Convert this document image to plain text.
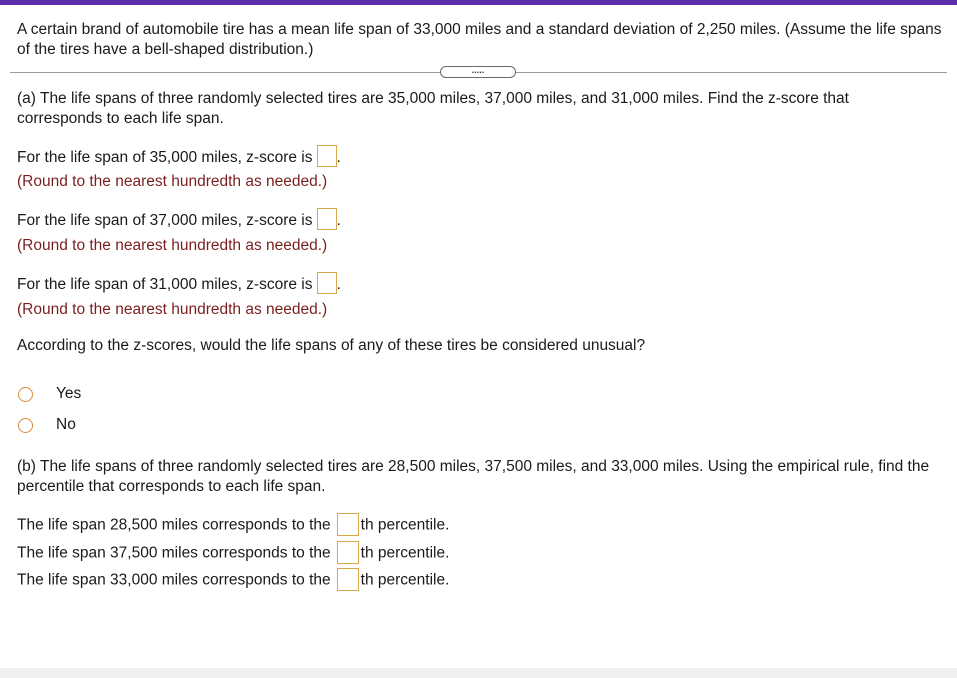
A certain brand of automobile tire has a mean life span of 33,000 miles and a standard deviation of 2,250 miles. (Assume the life spans of the tires have a bell-shaped distribution.)
.....
(a) The life spans of three randomly selected tires are 35,000 miles, 37,000 miles, and 31,000 miles. Find the z-score that corresponds to each life span.
For the life span of 35,000 miles, z-score is .
(Round to the nearest hundredth as needed.)
For the life span of 37,000 miles, z-score is .
(Round to the nearest hundredth as needed.)
For the life span of 31,000 miles, z-score is .
(Round to the nearest hundredth as needed.)
According to the z-scores, would the life spans of any of these tires be considered unusual?
Yes
No
(b) The life spans of three randomly selected tires are 28,500 miles, 37,500 miles, and 33,000 miles. Using the empirical rule, find the percentile that corresponds to each life span.
The life span 28,500 miles corresponds to the th percentile.
The life span 37,500 miles corresponds to the th percentile.
The life span 33,000 miles corresponds to the th percentile.
